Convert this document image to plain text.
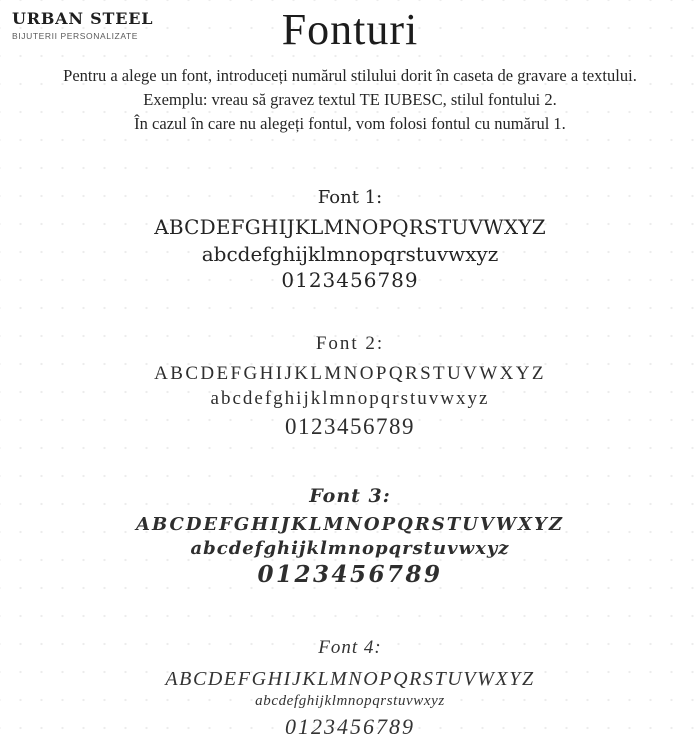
URBAN STEEL
BIJUTERII PERSONALIZATE	Fonturi

Pentru a alege un font, introduceți numărul stilului dorit în caseta de gravare a textului.
Exemplu: vreau să gravez textul TE IUBESC, stilul fontului 2.
În cazul în care nu alegeți fontul, vom folosi fontul cu numărul 1.

Font 1:
ABCDEFGHIJKLMNOPQRSTUVWXYZ
abcdefghijklmnopqrstuvwxyz
0123456789
Font 2:
ABCDEFGHIJKLMNOPQRSTUVWXYZ
abcdefghijklmnopqrstuvwxyz
0123456789
Font 3:
ABCDEFGHIJKLMNOPQRSTUVWXYZ
abcdefghijklmnopqrstuvwxyz
0123456789
Font 4:
ABCDEFGHIJKLMNOPQRSTUVWXYZ
abcdefghijklmnopqrstuvwxyz
0123456789
